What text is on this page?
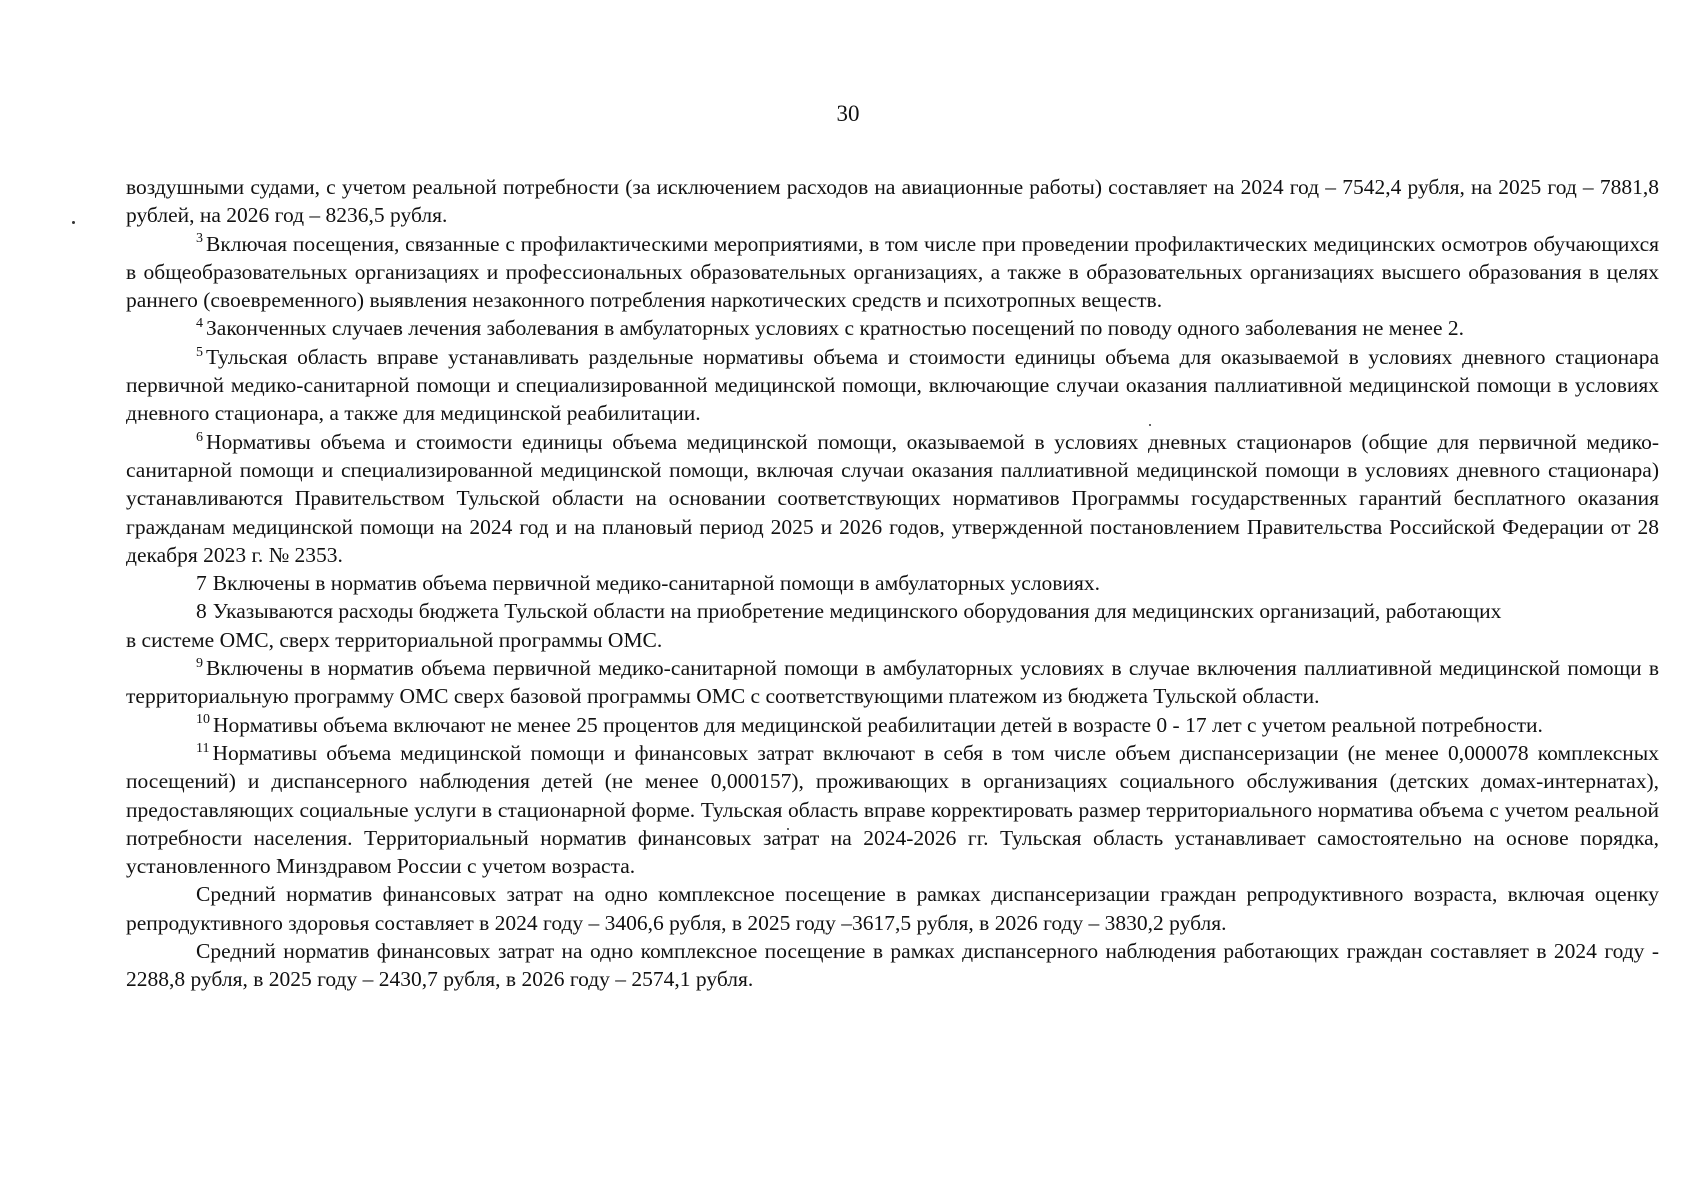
30

воздушными судами, с учетом реальной потребности (за исключением расходов на авиационные работы) составляет на 2024 год – 7542,4 рубля, на 2025 год – 7881,8 рублей, на 2026 год – 8236,5 рубля.

$^3$ Включая посещения, связанные с профилактическими мероприятиями, в том числе при проведении профилактических медицинских осмотров обучающихся в общеобразовательных организациях и профессиональных образовательных организациях, а также в образовательных организациях высшего образования в целях раннего (своевременного) выявления незаконного потребления наркотических средств и психотропных веществ.

$^4$ Законченных случаев лечения заболевания в амбулаторных условиях с кратностью посещений по поводу одного заболевания не менее 2.

$^5$ Тульская область вправе устанавливать раздельные нормативы объема и стоимости единицы объема для оказываемой в условиях дневного стационара первичной медико-санитарной помощи и специализированной медицинской помощи, включающие случаи оказания паллиативной медицинской помощи в условиях дневного стационара, а также для медицинской реабилитации.

$^6$ Нормативы объема и стоимости единицы объема медицинской помощи, оказываемой в условиях дневных стационаров (общие для первичной медико-санитарной помощи и специализированной медицинской помощи, включая случаи оказания паллиативной медицинской помощи в условиях дневного стационара) устанавливаются Правительством Тульской области на основании соответствующих нормативов Программы государственных гарантий бесплатного оказания гражданам медицинской помощи на 2024 год и на плановый период 2025 и 2026 годов, утвержденной постановлением Правительства Российской Федерации от 28 декабря 2023 г. № 2353.

7 Включены в норматив объема первичной медико-санитарной помощи в амбулаторных условиях.

8 Указываются расходы бюджета Тульской области на приобретение медицинского оборудования для медицинских организаций, работающих

в системе ОМС, сверх территориальной программы ОМС.

$^9$ Включены в норматив объема первичной медико-санитарной помощи в амбулаторных условиях в случае включения паллиативной медицинской помощи в территориальную программу ОМС сверх базовой программы ОМС с соответствующими платежом из бюджета Тульской области.

$^{10}$ Нормативы объема включают не менее 25 процентов для медицинской реабилитации детей в возрасте 0 - 17 лет с учетом реальной потребности.

$^{11}$ Нормативы объема медицинской помощи и финансовых затрат включают в себя в том числе объем диспансеризации (не менее 0,000078 комплексных посещений) и диспансерного наблюдения детей (не менее 0,000157), проживающих в организациях социального обслуживания (детских домах-интернатах), предоставляющих социальные услуги в стационарной форме. Тульская область вправе корректировать размер территориального норматива объема с учетом реальной потребности населения. Территориальный норматив финансовых затрат на 2024-2026 гг. Тульская область устанавливает самостоятельно на основе порядка, установленного Минздравом России с учетом возраста.

Средний норматив финансовых затрат на одно комплексное посещение в рамках диспансеризации граждан репродуктивного возраста, включая оценку репродуктивного здоровья составляет в 2024 году – 3406,6 рубля, в 2025 году –3617,5 рубля, в 2026 году – 3830,2 рубля.

Средний норматив финансовых затрат на одно комплексное посещение в рамках диспансерного наблюдения работающих граждан составляет в 2024 году - 2288,8 рубля, в 2025 году – 2430,7 рубля, в 2026 году – 2574,1 рубля.
